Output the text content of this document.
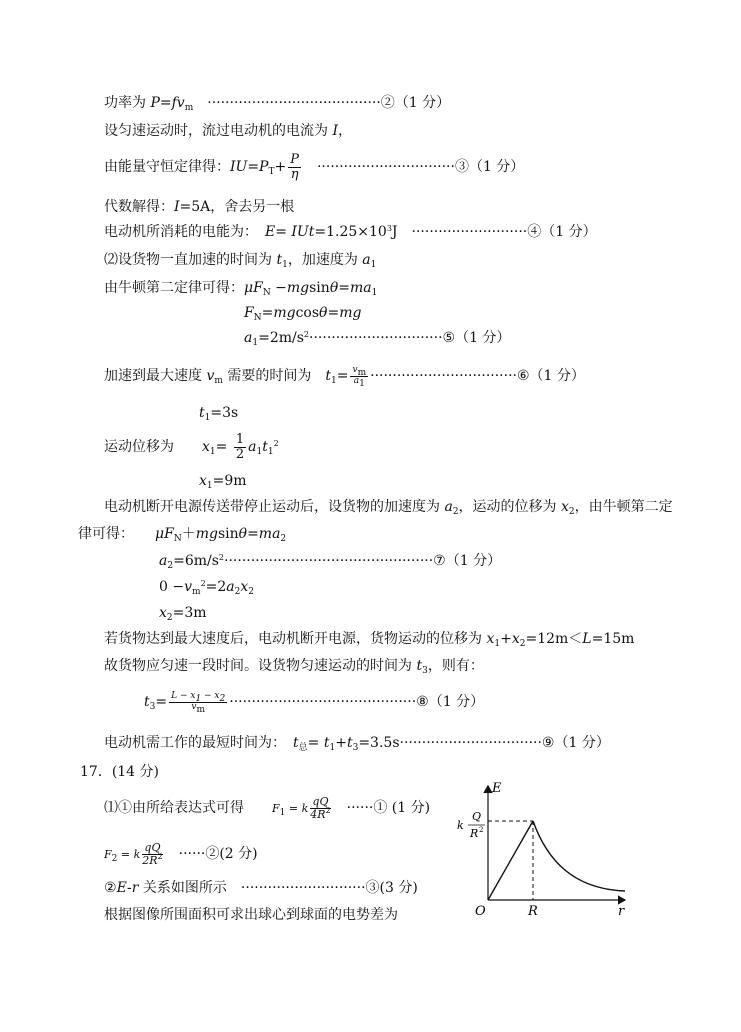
功率为 $P=fv_m$　·······································②（1 分）
设匀速运动时，流过电动机的电流为 I，
由能量守恒定律得：$IU=P_T+ \frac{P}{\eta}$ 　·······························③（1 分）
代数解得：I=5A，舍去另一根
电动机所消耗的电能为：　$E= IUt=1.25\times 10^3J$　··························④（1 分）
⑵设货物一直加速的时间为 $t_1$，加速度为 $a_1$
由牛顿第二定律可得：$\mu F_N -mgsin\theta=ma_1$
$F_N=mgcos\theta=mg$
$a_1=2m/s^2\cdot\cdot\cdot\cdot\cdot\cdot\cdot\cdot\cdot\cdot\cdot\cdot\cdot\cdot\cdot\cdot\cdot\cdot\cdot\cdot\cdot\cdot\cdot\cdot\cdot\cdot\cdot\cdot\cdot\cdot ⑤(1$ 分）
加速到最大速度 $v_m$ 需要的时间为　$t_1= \frac{v_m}{a_1}$ ·································⑥（1 分）
$t_1=3s$
运动位移为　　$x_1= \frac{1}{2} a_1t_1^2$
$x_1=9m$
电动机断开电源传送带停止运动后，设货物的加速度为 $a_2$，运动的位移为 $x_2$，由牛顿第二定
律可得：　　$\mu F_N+mgsin\theta=ma_2$
$a_2=6m/s^2\cdot\cdot\cdot\cdot\cdot\cdot\cdot\cdot\cdot\cdot\cdot\cdot\cdot\cdot\cdot\cdot\cdot\cdot\cdot\cdot\cdot\cdot\cdot\cdot\cdot\cdot\cdot\cdot\cdot\cdot\cdot\cdot\cdot\cdot\cdot\cdot\cdot\cdot\cdot\cdot\cdot\cdot\cdot\cdot\cdot\cdot\cdot ⑦(1$ 分）
$0 -v_m^2=2a_2x_2$
$x_2=3m$
若货物达到最大速度后，电动机断开电源，货物运动的位移为 $x_1+x_2=12m<L=15m$
故货物应匀速一段时间。设货物匀速运动的时间为 $t_3$，则有：
$t_3= \frac{L - x_1 - x_2}{v_m}$ ··········································⑧（1 分）
电动机需工作的最短时间为：　$t_总=$ $t_1+t_3=3.5s\cdot\cdot\cdot\cdot\cdot\cdot\cdot\cdot\cdot\cdot\cdot\cdot\cdot\cdot\cdot\cdot\cdot\cdot\cdot\cdot\cdot\cdot\cdot\cdot\cdot\cdot\cdot\cdot\cdot\cdot\cdot\cdot ⑨(1$ 分）
17．(14 分)
⑴①由所给表达式可得　　$F_1 = k \frac{qQ}{4R^2}$ 　······① (1 分)
$F_2 = k \frac{qQ}{2R^2}$ 　······②(2 分)
②E-r 关系如图所示　····························③(3 分)
根据图像所围面积可求出球心到球面的电势差为
E
r
O	R
k
Q
R 2
